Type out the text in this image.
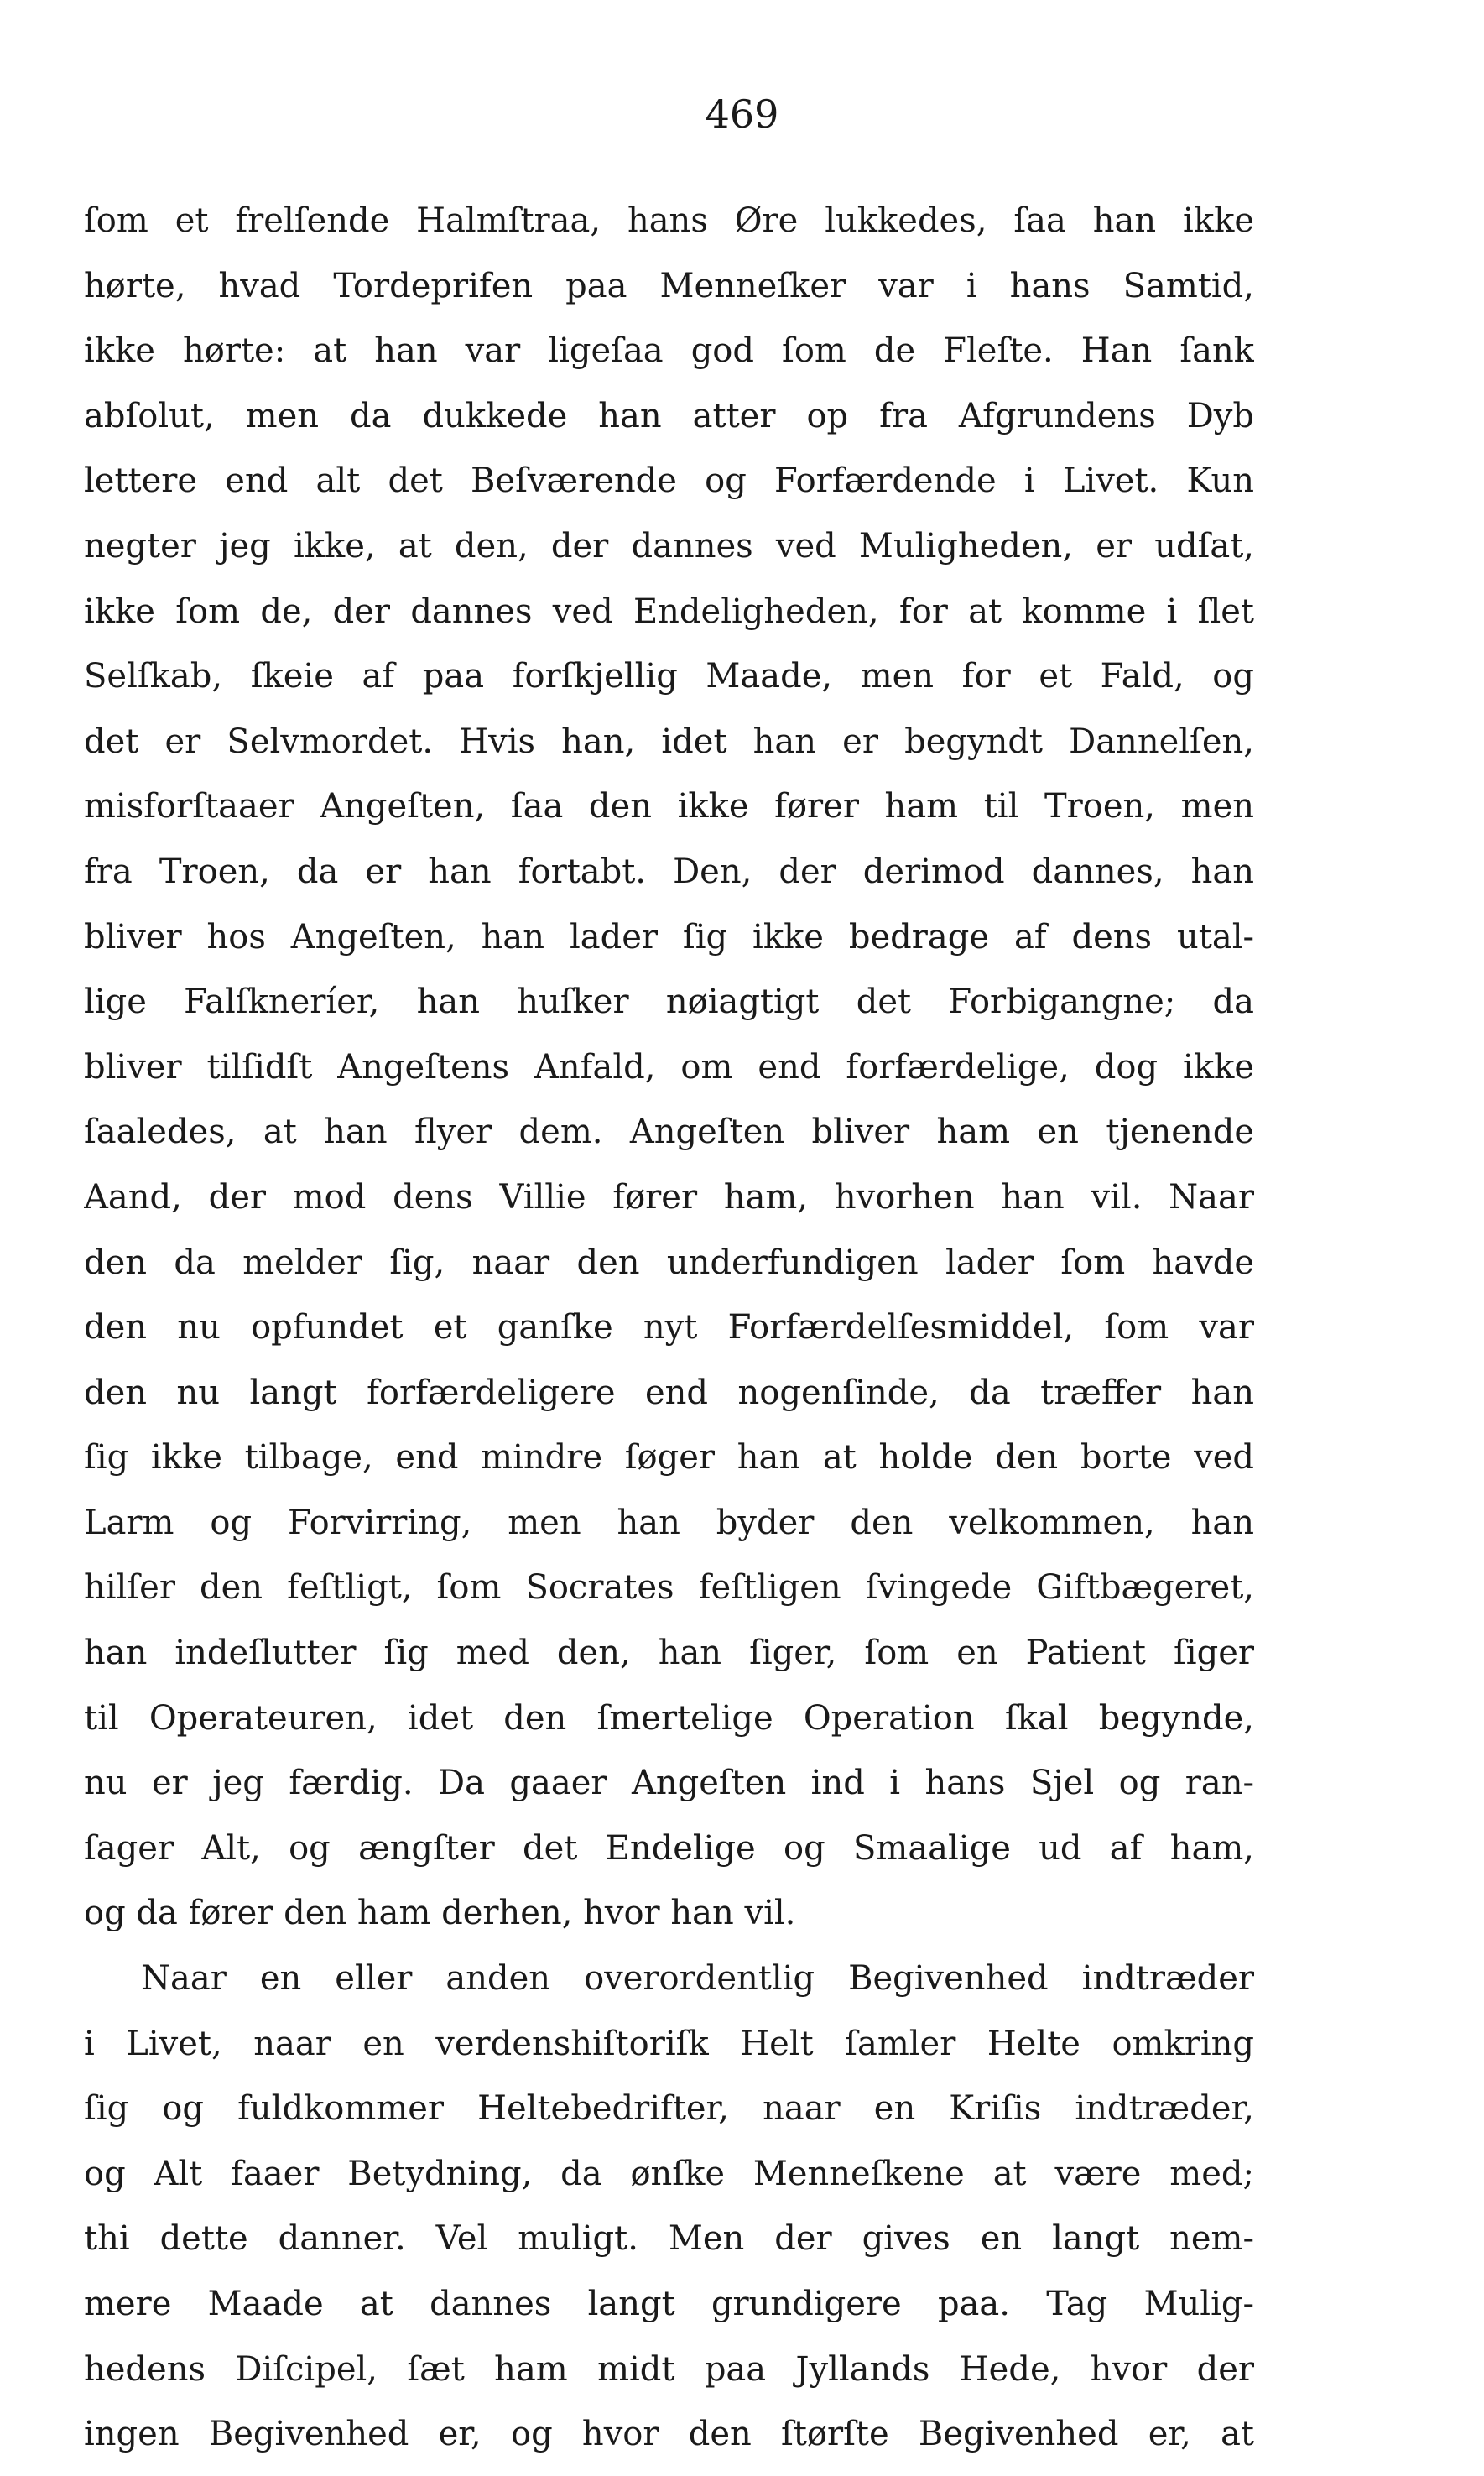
469
ſom et frelſende Halmſtraa, hans Øre lukkedes, ſaa han ikke
hørte, hvad Tordeprifen paa Menneſker var i hans Samtid,
ikke hørte: at han var ligeſaa god ſom de Fleſte. Han ſank
abſolut, men da dukkede han atter op fra Afgrundens Dyb
lettere end alt det Beſværende og Forfærdende i Livet. Kun
negter jeg ikke, at den, der dannes ved Muligheden, er udſat,
ikke ſom de, der dannes ved Endeligheden, for at komme i ſlet
Selſkab, ſkeie af paa forſkjellig Maade, men for et Fald, og
det er Selvmordet. Hvis han, idet han er begyndt Dannelſen,
misforſtaaer Angeſten, ſaa den ikke fører ham til Troen, men
fra Troen, da er han fortabt. Den, der derimod dannes, han
bliver hos Angeſten, han lader ſig ikke bedrage af dens utal-
lige Falſkneríer, han huſker nøiagtigt det Forbigangne; da
bliver tilſidſt Angeſtens Anfald, om end forfærdelige, dog ikke
ſaaledes, at han flyer dem. Angeſten bliver ham en tjenende
Aand, der mod dens Villie fører ham, hvorhen han vil. Naar
den da melder ſig, naar den underfundigen lader ſom havde
den nu opfundet et ganſke nyt Forfærdelſesmiddel, ſom var
den nu langt forfærdeligere end nogenſinde, da træffer han
ſig ikke tilbage, end mindre ſøger han at holde den borte ved
Larm og Forvirring, men han byder den velkommen, han
hilſer den feſtligt, ſom Socrates feſtligen ſvingede Giftbægeret,
han indeſlutter ſig med den, han ſiger, ſom en Patient ſiger
til Operateuren, idet den ſmertelige Operation ſkal begynde,
nu er jeg færdig. Da gaaer Angeſten ind i hans Sjel og ran-
ſager Alt, og ængſter det Endelige og Smaalige ud af ham,
og da fører den ham derhen, hvor han vil.
Naar en eller anden overordentlig Begivenhed indtræder
i Livet, naar en verdenshiſtoriſk Helt ſamler Helte omkring
ſig og fuldkommer Heltebedrifter, naar en Kriſis indtræder,
og Alt faaer Betydning, da ønſke Menneſkene at være med;
thi dette danner. Vel muligt. Men der gives en langt nem-
mere Maade at dannes langt grundigere paa. Tag Mulig-
hedens Diſcipel, ſæt ham midt paa Jyllands Hede, hvor der
ingen Begivenhed er, og hvor den ſtørſte Begivenhed er, at
